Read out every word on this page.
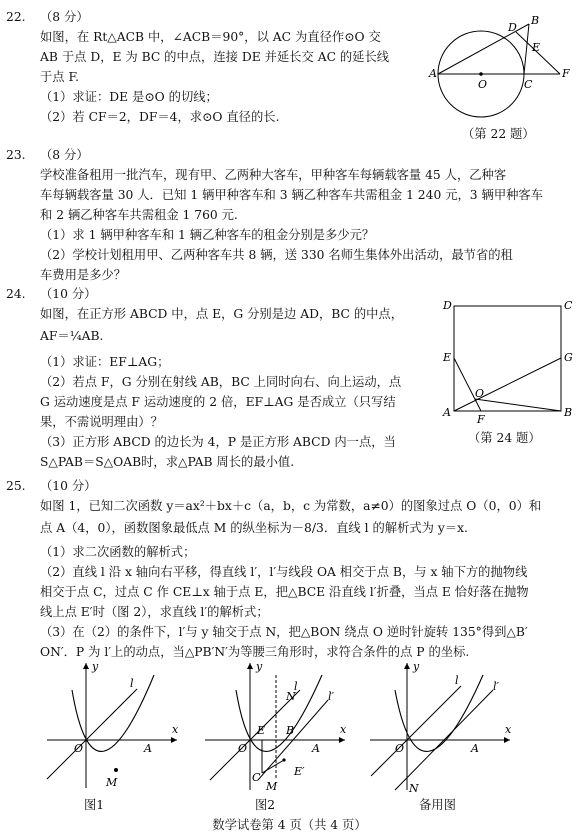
22.	（8 分）
如图，在 Rt△ACB 中，∠ACB＝90°，以 AC 为直径作⊙O 交
AB 于点 D，E 为 BC 的中点，连接 DE 并延长交 AC 的延长线
于点 F.
（1）求证：DE 是⊙O 的切线；
（2）若 CF＝2，DF＝4，求⊙O 直径的长.
A
B
C
D
E
F
O
（第 22 题）
23.	（8 分）
学校准备租用一批汽车，现有甲、乙两种大客车，甲种客车每辆载客量 45 人，乙种客
车每辆载客量 30 人．已知 1 辆甲种客车和 3 辆乙种客车共需租金 1 240 元，3 辆甲种客车
和 2 辆乙种客车共需租金 1 760 元.
（1）求 1 辆甲种客车和 1 辆乙种客车的租金分别是多少元？
（2）学校计划租用甲、乙两种客车共 8 辆，送 330 名师生集体外出活动，最节省的租
车费用是多少？
24.	（10 分）
如图，在正方形 ABCD 中，点 E，G 分别是边 AD，BC 的中点，
AF＝¼AB.
（1）求证：EF⊥AG；
（2）若点 F，G 分别在射线 AB，BC 上同时向右、向上运动，点
G 运动速度是点 F 运动速度的 2 倍，EF⊥AG 是否成立（只写结
果，不需说明理由）？
（3）正方形 ABCD 的边长为 4，P 是正方形 ABCD 内一点，当
S△PAB＝S△OAB时，求△PAB 周长的最小值.
D	C
E	G
A	B
F
O
（第 24 题）
25.	（10 分）
如图 1，已知二次函数 y＝ax²＋bx＋c（a，b，c 为常数，a≠0）的图象过点 O（0，0）和
点 A（4，0），函数图象最低点 M 的纵坐标为－8/3．直线 l 的解析式为 y＝x.
（1）求二次函数的解析式；
（2）直线 l 沿 x 轴向右平移，得直线 l′，l′与线段 OA 相交于点 B，与 x 轴下方的抛物线
相交于点 C，过点 C 作 CE⊥x 轴于点 E，把△BCE 沿直线 l′折叠，当点 E 恰好落在抛物
线上点 E′时（图 2），求直线 l′的解析式；
（3）在（2）的条件下，l′与 y 轴交于点 N，把△BON 绕点 O 逆时针旋转 135°得到△B′
ON′．P 为 l′上的动点，当△PB′N′为等腰三角形时，求符合条件的点 P 的坐标.
y
x
O	A
M
l
图1
y
x
O	A
M
l
l′
N′
E B
C	E′
图2
y
x
O	A
N
l	l′
备用图
数学试卷第 4 页（共 4 页）
